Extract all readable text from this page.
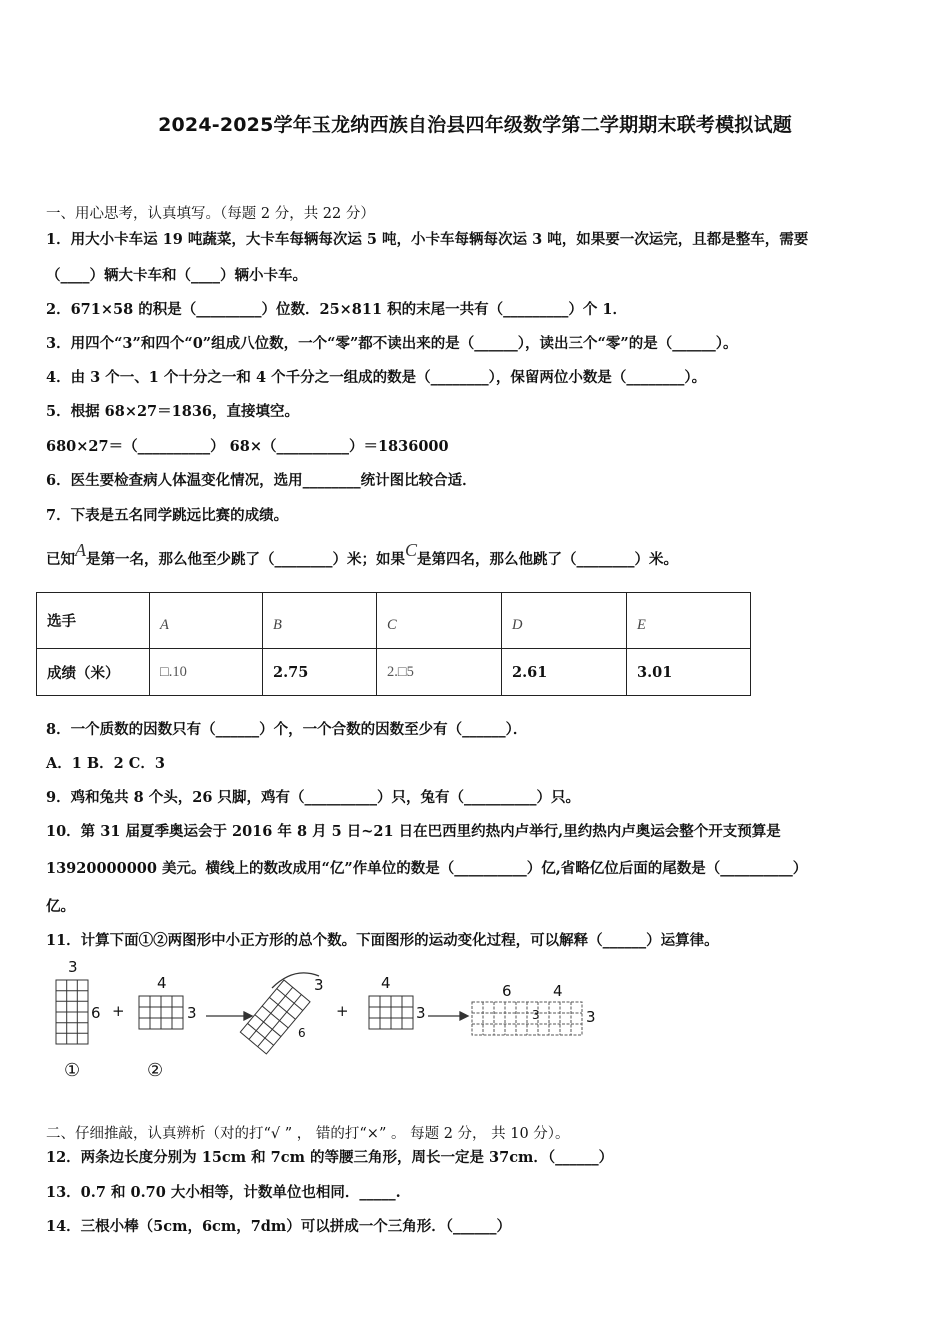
2024-2025学年玉龙纳西族自治县四年级数学第二学期期末联考模拟试题
一、用心思考，认真填写。（每题 2 分，共 22 分）
1．用大小卡车运 19 吨蔬菜，大卡车每辆每次运 5 吨，小卡车每辆每次运 3 吨，如果要一次运完，且都是整车，需要
（____）辆大卡车和（____）辆小卡车。
2．671×58 的积是（_________）位数．25×811 积的末尾一共有（_________）个 1．
3．用四个“3”和四个“0”组成八位数，一个“零”都不读出来的是（______），读出三个“零”的是（______）。
4．由 3 个一、1 个十分之一和 4 个千分之一组成的数是（________），保留两位小数是（________）。
5．根据 68×27＝1836，直接填空。
680×27＝（__________） 68×（__________）＝1836000
6．医生要检查病人体温变化情况，选用________统计图比较合适．
7．下表是五名同学跳远比赛的成绩。
已知A是第一名，那么他至少跳了（________）米；如果C是第四名，那么他跳了（________）米。
选手	A	B	C	D	E
成绩（米）	□.10	2.75	2.□5	2.61	3.01
8．一个质数的因数只有（______）个，一个合数的因数至少有（______）．
A．1 B．2 C．3
9．鸡和兔共 8 个头，26 只脚，鸡有（__________）只，兔有（__________）只。
10．第 31 届夏季奥运会于 2016 年 8 月 5 日~21 日在巴西里约热内卢举行,里约热内卢奥运会整个开支预算是
13920000000 美元。横线上的数改成用“亿”作单位的数是（__________）亿,省略亿位后面的尾数是（__________）
亿。
11．计算下面①②两图形中小正方形的总个数。下面图形的运动变化过程，可以解释（______）运算律。
3
6 +
4
3
3
6
+
4
3
6	4
3	3
①	②
二、仔细推敲，认真辨析（对的打“√ ” ， 错的打“×” 。 每题 2 分， 共 10 分）。
12．两条边长度分别为 15cm 和 7cm 的等腰三角形，周长一定是 37cm．（______）
13．0.7 和 0.70 大小相等，计数单位也相同．_____.
14．三根小棒（5cm，6cm，7dm）可以拼成一个三角形．（______）
